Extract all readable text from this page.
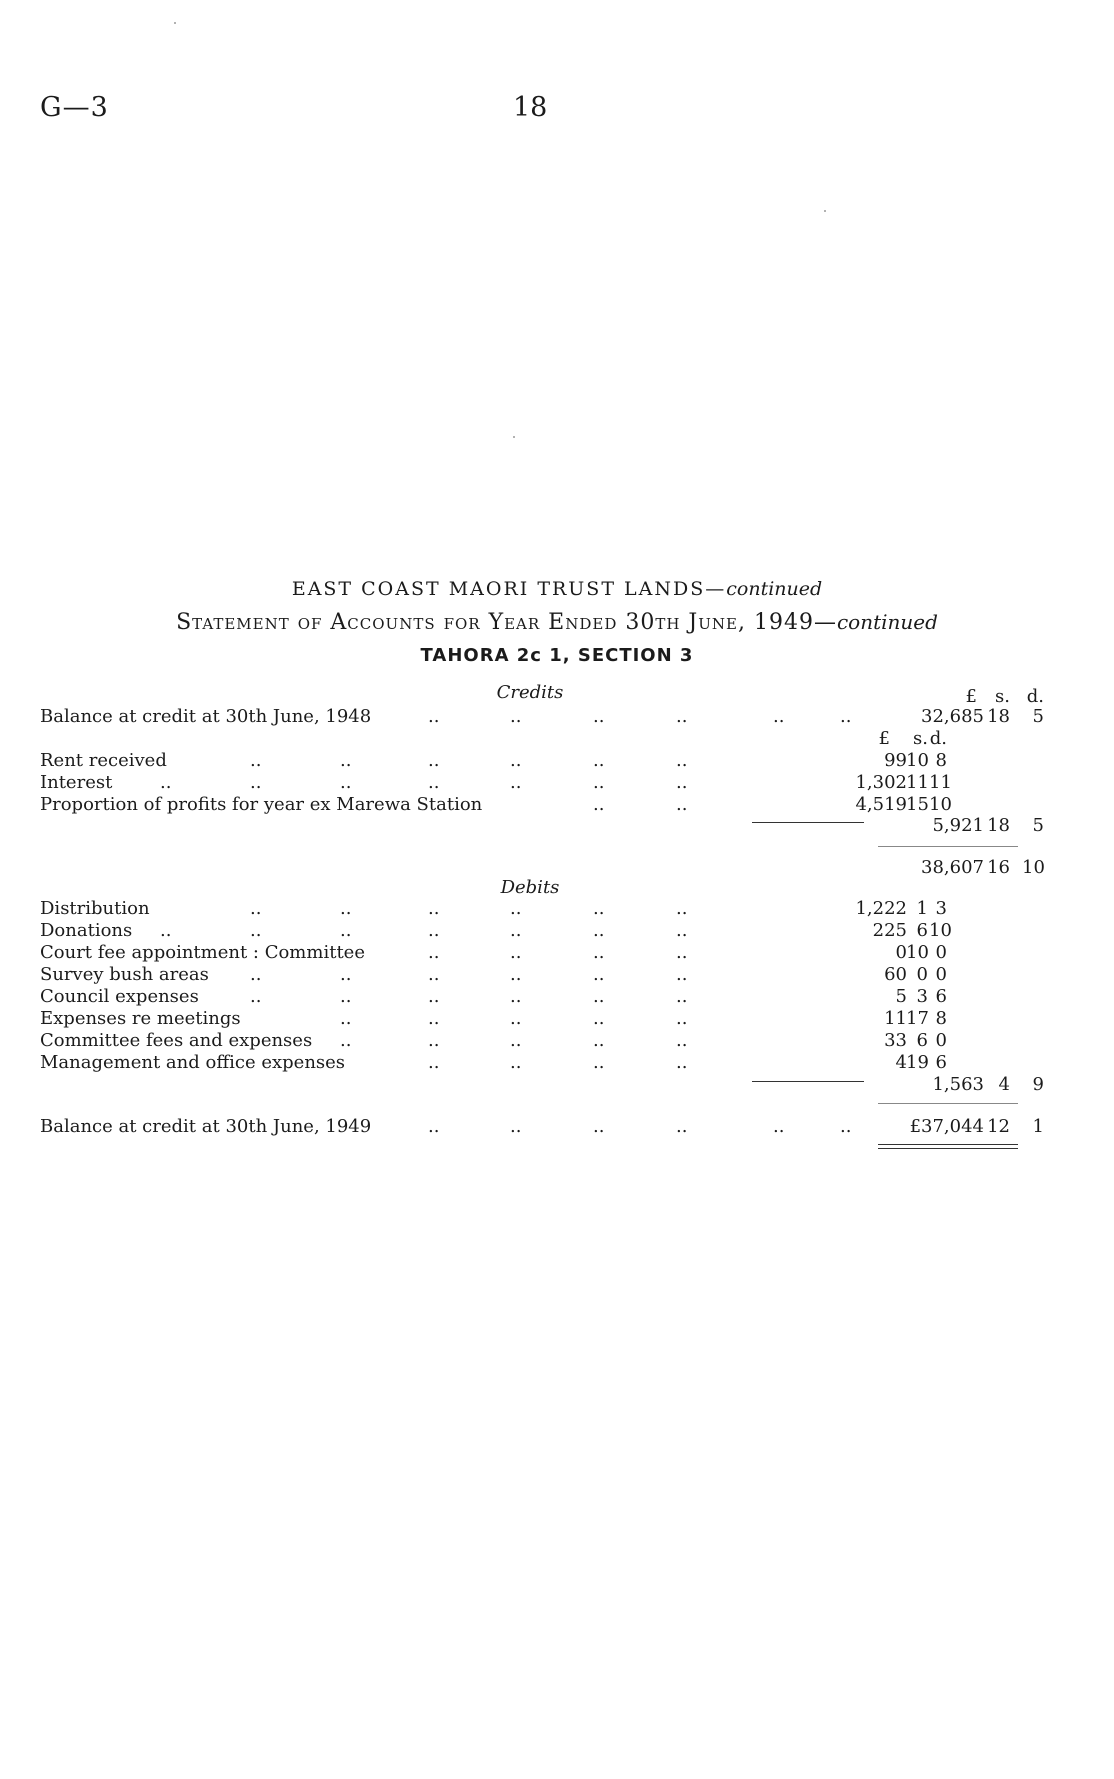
G—3	18
EAST COAST MAORI TRUST LANDS—continued
Statement of Accounts for Year Ended 30th June, 1949—continued
TAHORA 2c 1, SECTION 3
Credits	£	s. d.
Balance at credit at 30th June, 1948	..	..	..	..	..	..	32,685 18	5
£	s. d.
Rent received	..	..	..	..	..	..	99 10 8
Interest	..	..	..	..	..	..	..	1,302 11 11
Proportion of profits for year ex Marewa Station	..	..	4,519 15 10
5,921 18	5
38,607 16 10
Debits
Distribution	..	..	..	..	..	..	1,222 1 3
Donations ..	..	..	..	..	..	..	225 6 10
Court fee appointment : Committee	..	..	..	..	0 10 0
Survey bush areas ..	..	..	..	..	..	60 0 0
Council expenses	..	..	..	..	..	..	5 3 6
Expenses re meetings	..	..	..	..	..	11 17 8
Committee fees and expenses ..	..	..	..	..	33 6 0
Management and office expenses	..	..	..	..	4 19 6
1,563 4	9
Balance at credit at 30th June, 1949	..	..	..	..	..	..	£37,044 12	1
